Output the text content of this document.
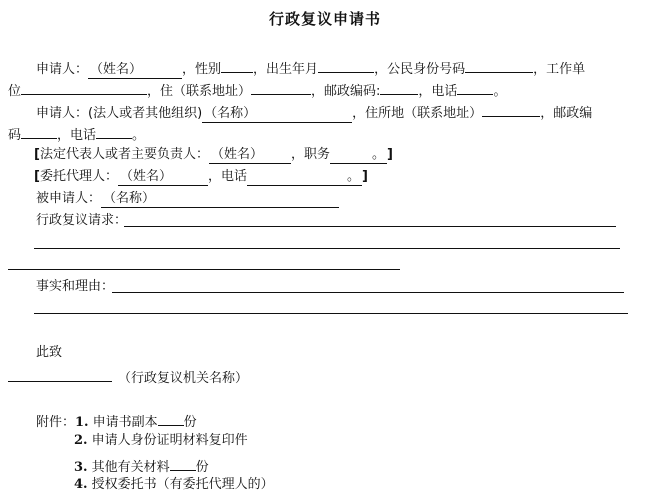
行政复议申请书
申请人： （姓名）	，性别 ，出生年月	，公民身份号码	，工作单
位	，住（联系地址）	，邮政编码:	，电话	。
申请人：(法人或者其他组织) （名称）	，住所地（联系地址）	，邮政编
码	，电话	。
[法定代表人或者主要负责人： （姓名） ，职务	。 ]
[委托代理人： （姓名）	，电话	。 ]
被申请人： （名称）
行政复议请求：
事实和理由：
此致
（行政复议机关名称）
附件：1. 申请书副本 份
2. 申请人身份证明材料复印件
3. 其他有关材料 份
4. 授权委托书（有委托代理人的）
